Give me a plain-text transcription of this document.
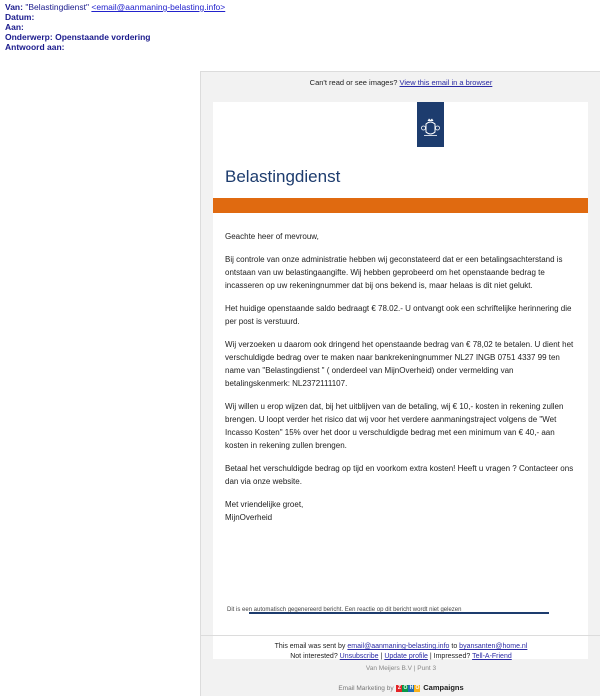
Van: "Belastingdienst" <email@aanmaning-belasting.info>
Datum:
Aan:
Onderwerp: Openstaande vordering
Antwoord aan:
Can't read or see images? View this email in a browser
Belastingdienst

Geachte heer of mevrouw,

Bij controle van onze administratie hebben wij geconstateerd dat er een betalingsachterstand is ontstaan van uw belastingaangifte. Wij hebben geprobeerd om het openstaande bedrag te incasseren op uw rekeningnummer dat bij ons bekend is, maar helaas is dit niet gelukt.

Het huidige openstaande saldo bedraagt € 78.02.- U ontvangt ook een schriftelijke herinnering die per post is verstuurd.

Wij verzoeken u daarom ook dringend het openstaande bedrag van € 78,02 te betalen. U dient het verschuldigde bedrag over te maken naar bankrekeningnummer NL27 INGB 0751 4337 99 ten name van "Belastingdienst " ( onderdeel van MijnOverheid) onder vermelding van betalingskenmerk: NL2372111107.

Wij willen u erop wijzen dat, bij het uitblijven van de betaling, wij € 10,- kosten in rekening zullen brengen. U loopt verder het risico dat wij voor het verdere aanmaningstraject volgens de "Wet Incasso Kosten" 15% over het door u verschuldigde bedrag met een minimum van € 40,- aan kosten in rekening zullen brengen.

Betaal het verschuldigde bedrag op tijd en voorkom extra kosten! Heeft u vragen ? Contacteer ons dan via onze website.

Met vriendelijke groet,
MijnOverheid
Dit is een automatisch gegenereerd bericht. Een reactie op dit bericht wordt niet gelezen
This email was sent by email@aanmaning-belasting.info to byansanten@home.nl
Not interested? Unsubscribe | Update profile | Impressed? Tell-A-Friend
Van Meijers B.V | Punt 3
Email Marketing by Z O H O Campaigns
